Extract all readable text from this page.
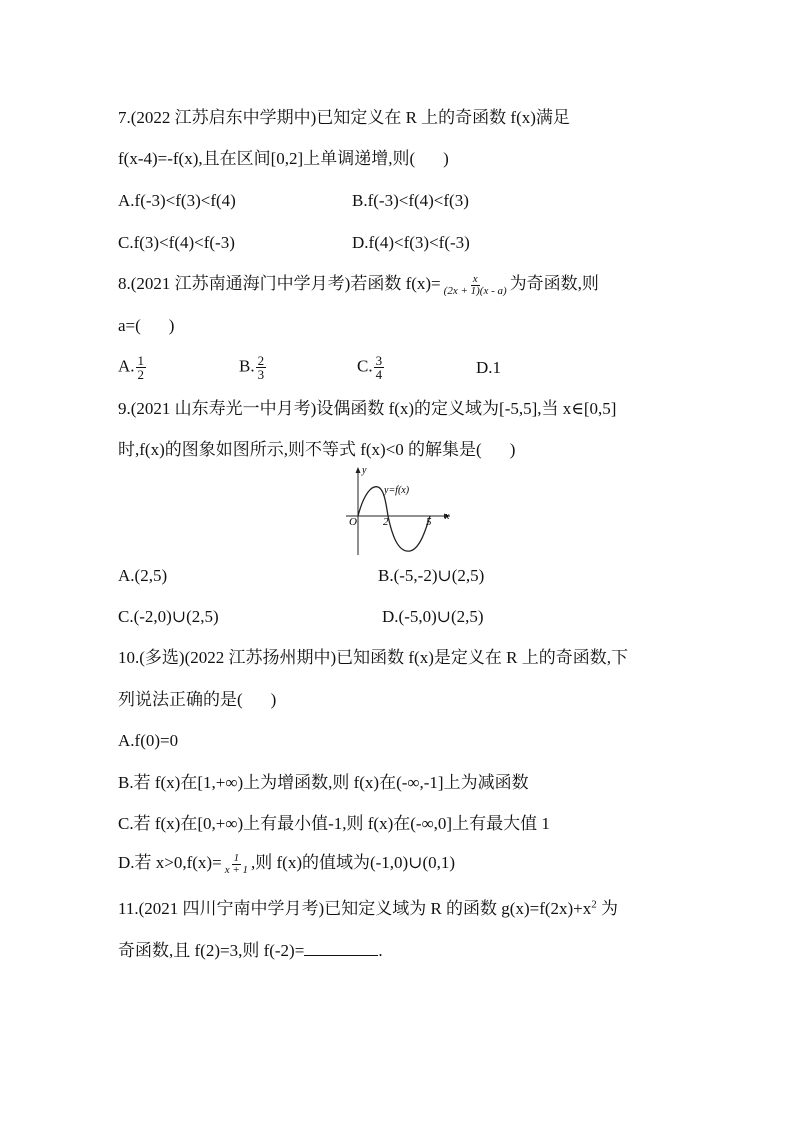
7.(2022 江苏启东中学期中)已知定义在 R 上的奇函数 f(x)满足
f(x-4)=-f(x),且在区间[0,2]上单调递增,则( )
A.f(-3)<f(3)<f(4)	B.f(-3)<f(4)<f(3)
C.f(3)<f(4)<f(-3)	D.f(4)<f(3)<f(-3)
8.(2021 江苏南通海门中学月考)若函数 $f(x)= \frac{x}{(2x + 1)(x - a)}$ 为奇函数,则
a=( )
A. $\frac{1}{2}$	B. $\frac{2}{3}$	C. $\frac{3}{4}$	D.1
9.(2021 山东寿光一中月考)设偶函数 f(x)的定义域为[-5,5],当 x∈[0,5]
时,f(x)的图象如图所示,则不等式 f(x)<0 的解集是( )
y
x
O 2	5
y=f(x)
A.(2,5)	B.(-5,-2)∪(2,5)
C.(-2,0)∪(2,5)	D.(-5,0)∪(2,5)
10.(多选)(2022 江苏扬州期中)已知函数 f(x)是定义在 R 上的奇函数,下
列说法正确的是( )
A.f(0)=0
B.若 f(x)在[1,+∞)上为增函数,则 f(x)在(-∞,-1]上为减函数
C.若 f(x)在[0,+∞)上有最小值-1,则 f(x)在(-∞,0]上有最大值 1
D.若 $x>0,f(x)= \frac{1}{x + 1}$ ,则 f(x)的值域为(-1,0)∪(0,1)
11.(2021 四川宁南中学月考)已知定义域为 R 的函数 $g(x)=f(2x)+x^2$ 为
奇函数,且 f(2)=3,则 f(-2)=	.
